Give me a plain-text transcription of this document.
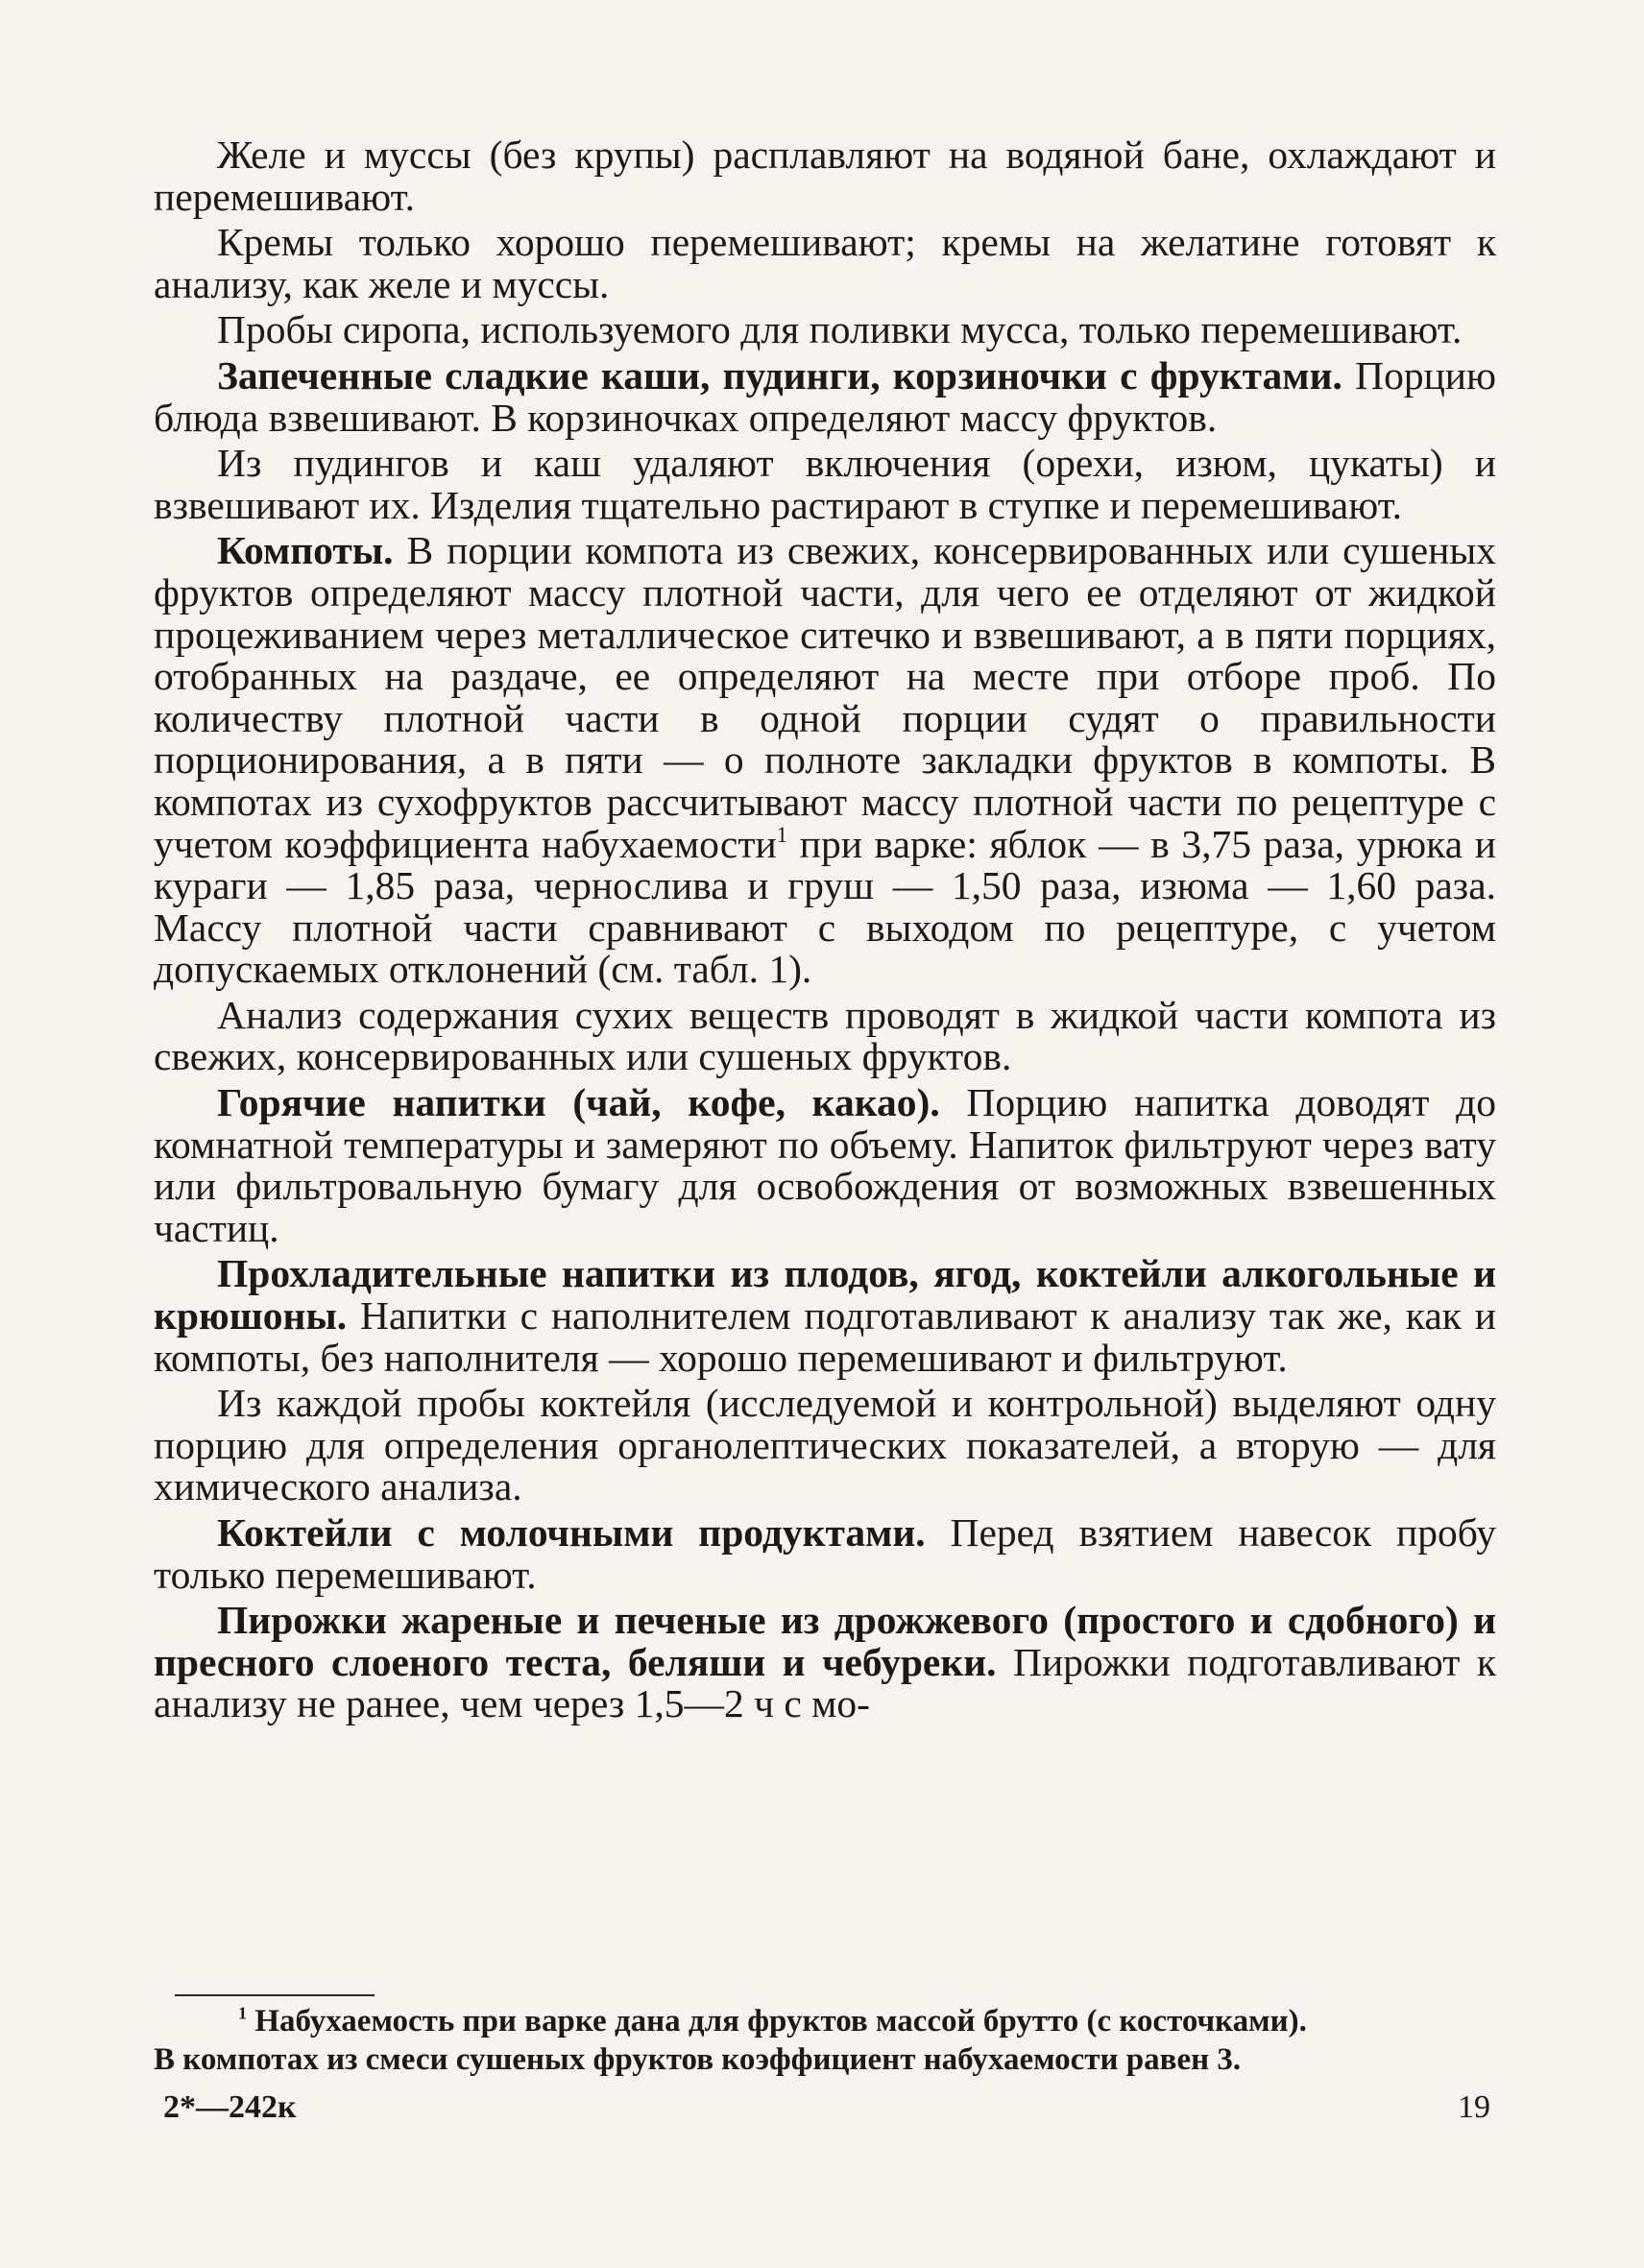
Желе и муссы (без крупы) расплавляют на водяной бане, охлаждают и перемешивают.

Кремы только хорошо перемешивают; кремы на желатине готовят к анализу, как желе и муссы.

Пробы сиропа, используемого для поливки мусса, только перемешивают.

Запеченные сладкие каши, пудинги, корзиночки с фруктами. Порцию блюда взвешивают. В корзиночках определяют массу фруктов.

Из пудингов и каш удаляют включения (орехи, изюм, цукаты) и взвешивают их. Изделия тщательно растирают в ступке и перемешивают.

Компоты. В порции компота из свежих, консервированных или сушеных фруктов определяют массу плотной части, для чего ее отделяют от жидкой процеживанием через металлическое ситечко и взвешивают, а в пяти порциях, отобранных на раздаче, ее определяют на месте при отборе проб. По количеству плотной части в одной порции судят о правильности порционирования, а в пяти — о полноте закладки фруктов в компоты. В компотах из сухофруктов рассчитывают массу плотной части по рецептуре с учетом коэффициента набухаемости$^1$ при варке: яблок — в 3,75 раза, урюка и кураги — 1,85 раза, чернослива и груш — 1,50 раза, изюма — 1,60 раза. Массу плотной части сравнивают с выходом по рецептуре, с учетом допускаемых отклонений (см. табл. 1).

Анализ содержания сухих веществ проводят в жидкой части компота из свежих, консервированных или сушеных фруктов.

Горячие напитки (чай, кофе, какао). Порцию напитка доводят до комнатной температуры и замеряют по объему. Напиток фильтруют через вату или фильтровальную бумагу для освобождения от возможных взвешенных частиц.

Прохладительные напитки из плодов, ягод, коктейли алкогольные и крюшоны. Напитки с наполнителем подготавливают к анализу так же, как и компоты, без наполнителя — хорошо перемешивают и фильтруют.

Из каждой пробы коктейля (исследуемой и контрольной) выделяют одну порцию для определения органолептических показателей, а вторую — для химического анализа.

Коктейли с молочными продуктами. Перед взятием навесок пробу только перемешивают.

Пирожки жареные и печеные из дрожжевого (простого и сдобного) и пресного слоеного теста, беляши и чебуреки. Пирожки подготавливают к анализу не ранее, чем через 1,5—2 ч с мо-

$^1$ Набухаемость при варке дана для фруктов массой брутто (с косточками).

В компотах из смеси сушеных фруктов коэффициент набухаемости равен 3.

2*—242к	19
